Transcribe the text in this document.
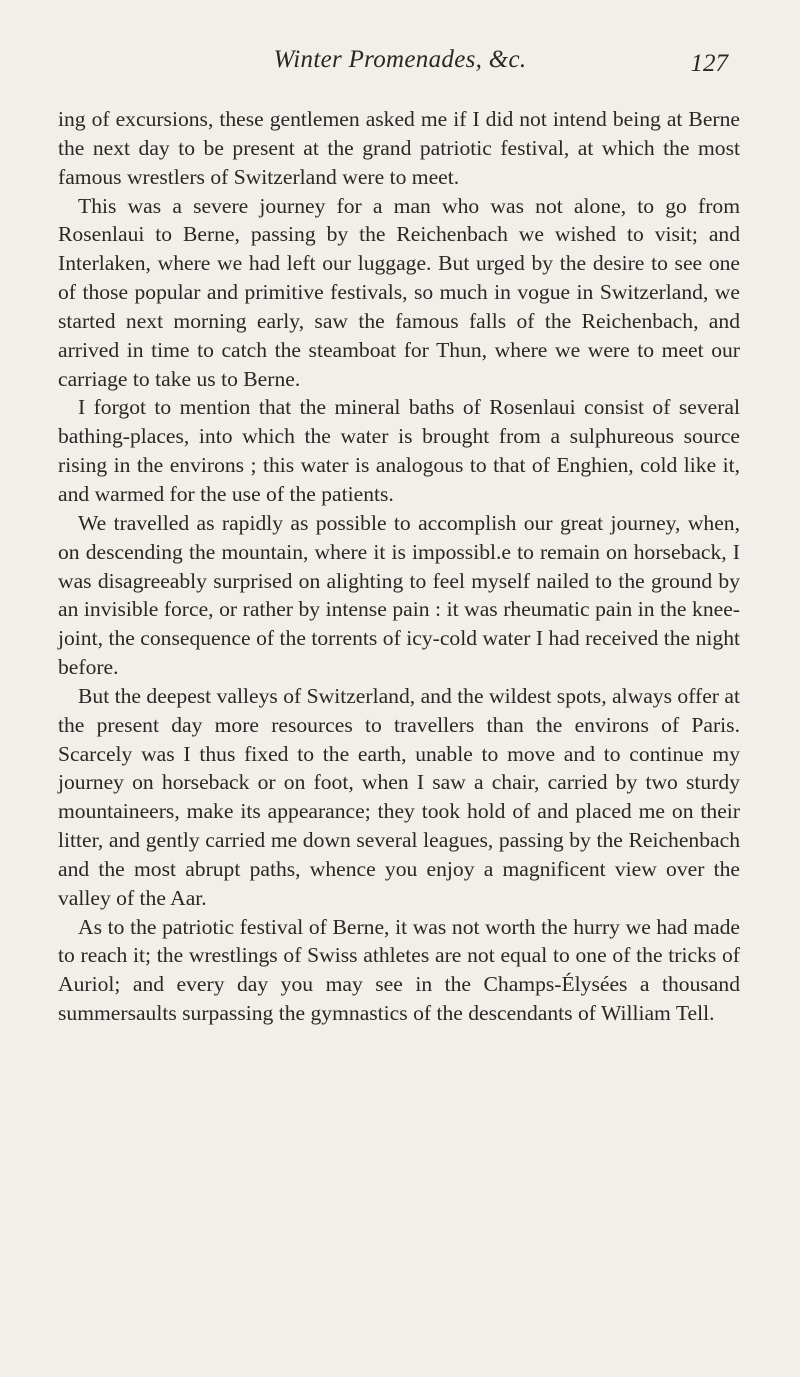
Winter Promenades, &c.	127

ing of excursions, these gentlemen asked me if I did not intend being at Berne the next day to be present at the grand patriotic festival, at which the most famous wrestlers of Switzerland were to meet.

This was a severe journey for a man who was not alone, to go from Rosenlaui to Berne, passing by the Reichenbach we wished to visit; and Interlaken, where we had left our luggage. But urged by the desire to see one of those popular and primitive festivals, so much in vogue in Switzerland, we started next morning early, saw the famous falls of the Reichenbach, and arrived in time to catch the steamboat for Thun, where we were to meet our carriage to take us to Berne.

I forgot to mention that the mineral baths of Rosenlaui consist of several bathing-places, into which the water is brought from a sulphureous source rising in the environs ; this water is analogous to that of Enghien, cold like it, and warmed for the use of the patients.

We travelled as rapidly as possible to accomplish our great journey, when, on descending the mountain, where it is impossibl.e to remain on horseback, I was disagreeably surprised on alighting to feel myself nailed to the ground by an invisible force, or rather by intense pain : it was rheumatic pain in the knee-joint, the consequence of the torrents of icy-cold water I had received the night before.

But the deepest valleys of Switzerland, and the wildest spots, always offer at the present day more resources to travellers than the environs of Paris. Scarcely was I thus fixed to the earth, unable to move and to continue my journey on horseback or on foot, when I saw a chair, carried by two sturdy mountaineers, make its appearance; they took hold of and placed me on their litter, and gently carried me down several leagues, passing by the Reichenbach and the most abrupt paths, whence you enjoy a magnificent view over the valley of the Aar.

As to the patriotic festival of Berne, it was not worth the hurry we had made to reach it; the wrestlings of Swiss athletes are not equal to one of the tricks of Auriol; and every day you may see in the Champs-Élysées a thousand summersaults surpassing the gymnastics of the descendants of William Tell.
